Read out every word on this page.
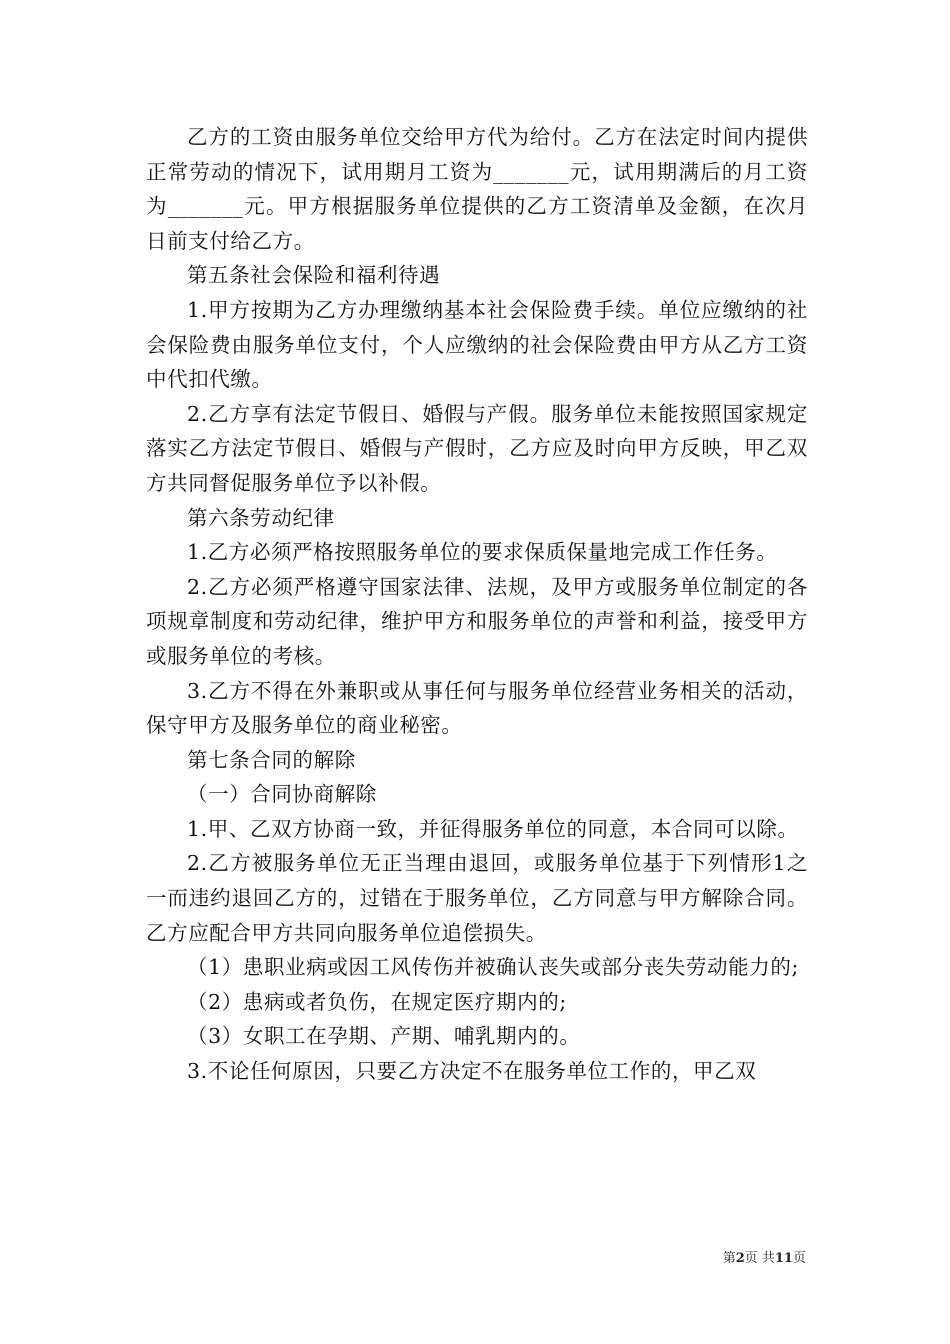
乙方的工资由服务单位交给甲方代为给付。乙方在法定时间内提供正常劳动的情况下，试用期月工资为_______元，试用期满后的月工资为_______元。甲方根据服务单位提供的乙方工资清单及金额，在次月日前支付给乙方。

第五条社会保险和福利待遇

1.甲方按期为乙方办理缴纳基本社会保险费手续。单位应缴纳的社会保险费由服务单位支付，个人应缴纳的社会保险费由甲方从乙方工资中代扣代缴。

2.乙方享有法定节假日、婚假与产假。服务单位未能按照国家规定落实乙方法定节假日、婚假与产假时，乙方应及时向甲方反映，甲乙双方共同督促服务单位予以补假。

第六条劳动纪律

1.乙方必须严格按照服务单位的要求保质保量地完成工作任务。

2.乙方必须严格遵守国家法律、法规，及甲方或服务单位制定的各项规章制度和劳动纪律，维护甲方和服务单位的声誉和利益，接受甲方或服务单位的考核。

3.乙方不得在外兼职或从事任何与服务单位经营业务相关的活动，保守甲方及服务单位的商业秘密。

第七条合同的解除

（一）合同协商解除

1.甲、乙双方协商一致，并征得服务单位的同意，本合同可以除。

2.乙方被服务单位无正当理由退回，或服务单位基于下列情形1之一而违约退回乙方的，过错在于服务单位，乙方同意与甲方解除合同。乙方应配合甲方共同向服务单位追偿损失。

（1）患职业病或因工风传伤并被确认丧失或部分丧失劳动能力的;

（2）患病或者负伤，在规定医疗期内的;

（3）女职工在孕期、产期、哺乳期内的。

3.不论任何原因，只要乙方决定不在服务单位工作的，甲乙双

第2页 共11页
